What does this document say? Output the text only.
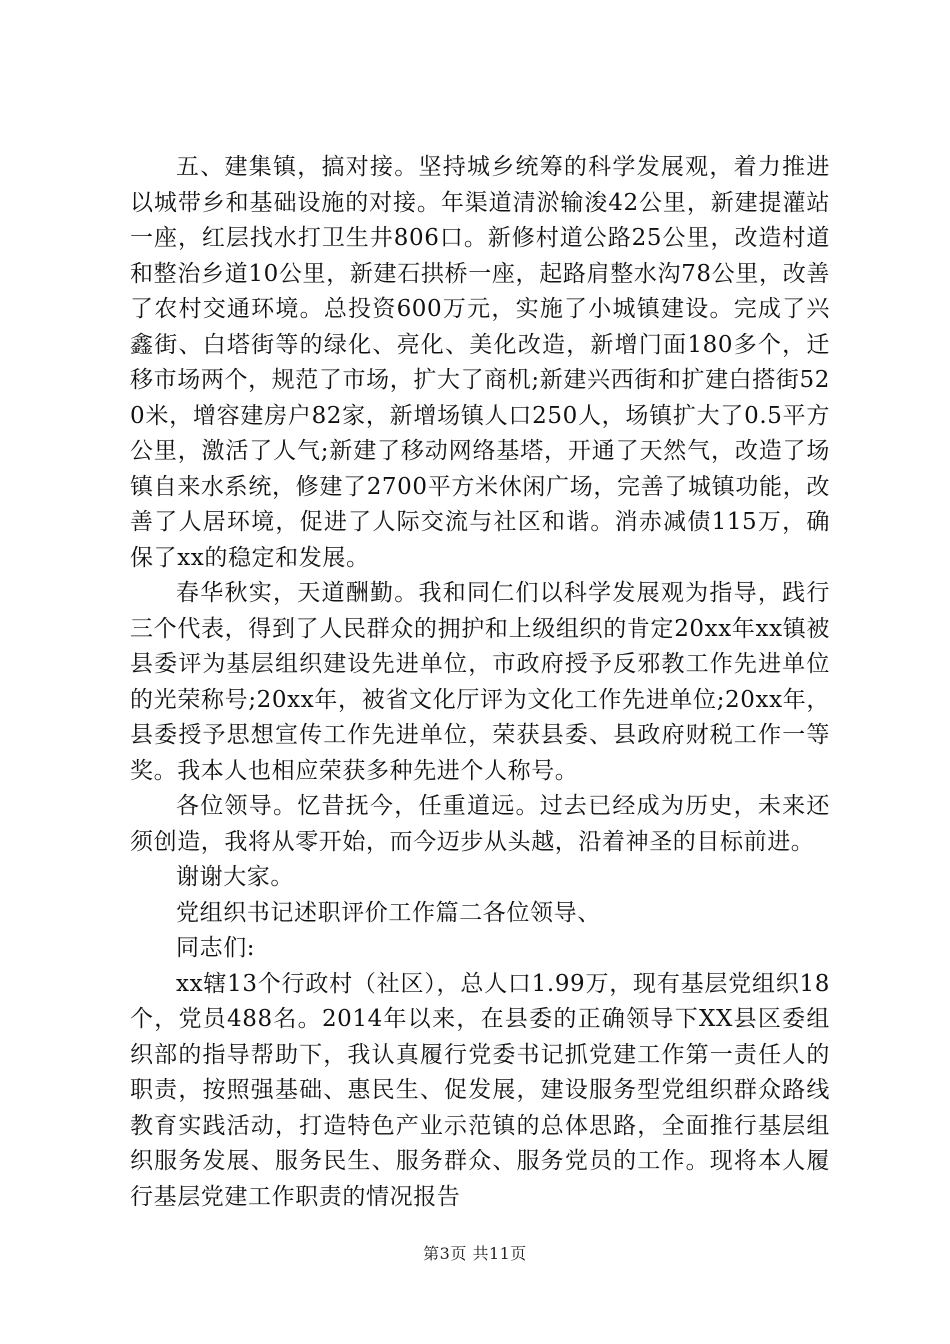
五、建集镇，搞对接。坚持城乡统筹的科学发展观，着力推进以城带乡和基础设施的对接。年渠道清淤输浚42公里，新建提灌站一座，红层找水打卫生井806口。新修村道公路25公里，改造村道和整治乡道10公里，新建石拱桥一座，起路肩整水沟78公里，改善了农村交通环境。总投资600万元，实施了小城镇建设。完成了兴鑫街、白塔街等的绿化、亮化、美化改造，新增门面180多个，迁移市场两个，规范了市场，扩大了商机;新建兴西街和扩建白搭街520米，增容建房户82家，新增场镇人口250人，场镇扩大了0.5平方公里，激活了人气;新建了移动网络基塔，开通了天然气，改造了场镇自来水系统，修建了2700平方米休闲广场，完善了城镇功能，改善了人居环境，促进了人际交流与社区和谐。消赤减债115万，确保了xx的稳定和发展。

春华秋实，天道酬勤。我和同仁们以科学发展观为指导，践行三个代表，得到了人民群众的拥护和上级组织的肯定20xx年xx镇被县委评为基层组织建设先进单位，市政府授予反邪教工作先进单位的光荣称号;20xx年，被省文化厅评为文化工作先进单位;20xx年，县委授予思想宣传工作先进单位，荣获县委、县政府财税工作一等奖。我本人也相应荣获多种先进个人称号。

各位领导。忆昔抚今，任重道远。过去已经成为历史，未来还须创造，我将从零开始，而今迈步从头越，沿着神圣的目标前进。

谢谢大家。

党组织书记述职评价工作篇二各位领导、

同志们:

xx辖13个行政村（社区），总人口1.99万，现有基层党组织18个，党员488名。2014年以来，在县委的正确领导下XX县区委组织部的指导帮助下，我认真履行党委书记抓党建工作第一责任人的职责，按照强基础、惠民生、促发展，建设服务型党组织群众路线教育实践活动，打造特色产业示范镇的总体思路，全面推行基层组织服务发展、服务民生、服务群众、服务党员的工作。现将本人履行基层党建工作职责的情况报告

第3页 共11页
